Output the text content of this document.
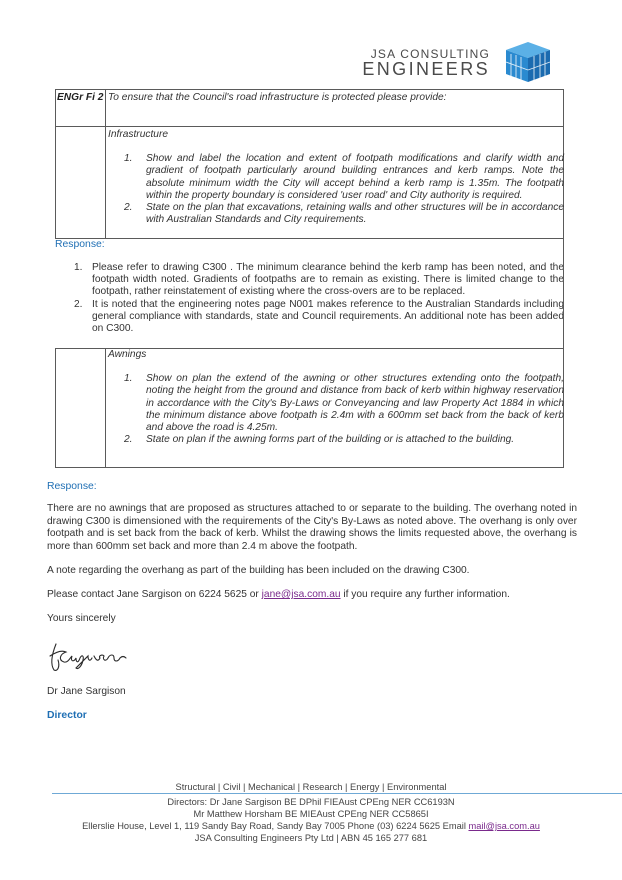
JSA CONSULTING
ENGINEERS
ENGr Fi 2 To ensure that the Council's road infrastructure is protected please provide:
Infrastructure
1. Show and label the location and extent of footpath modifications and clarify width and gradient of footpath particularly around building entrances and kerb ramps. Note the absolute minimum width the City will accept behind a kerb ramp is 1.35m. The footpath within the property boundary is considered 'user road' and City authority is required.
2. State on the plan that excavations, retaining walls and other structures will be in accordance with Australian Standards and City requirements.
Response:
1. Please refer to drawing C300 . The minimum clearance behind the kerb ramp has been noted, and the footpath width noted. Gradients of footpaths are to remain as existing. There is limited change to the footpath, rather reinstatement of existing where the cross-overs are to be replaced.
2. It is noted that the engineering notes page N001 makes reference to the Australian Standards including general compliance with standards, state and Council requirements. An additional note has been added on C300.
Awnings
1. Show on plan the extend of the awning or other structures extending onto the footpath, noting the height from the ground and distance from back of kerb within highway reservation in accordance with the City's By-Laws or Conveyancing and law Property Act 1884 in which the minimum distance above footpath is 2.4m with a 600mm set back from the back of kerb and above the road is 4.25m.
2. State on plan if the awning forms part of the building or is attached to the building.
Response:
There are no awnings that are proposed as structures attached to or separate to the building. The overhang noted in drawing C300 is dimensioned with the requirements of the City's By-Laws as noted above. The overhang is only over footpath and is set back from the back of kerb. Whilst the drawing shows the limits requested above, the overhang is more than 600mm set back and more than 2.4 m above the footpath.
A note regarding the overhang as part of the building has been included on the drawing C300.
Please contact Jane Sargison on 6224 5625 or jane@jsa.com.au if you require any further information.
Yours sincerely
Dr Jane Sargison
Director
Structural | Civil | Mechanical | Research | Energy | Environmental
Directors: Dr Jane Sargison BE DPhil FIEAust CPEng NER CC6193N
Mr Matthew Horsham BE MIEAust CPEng NER CC5865I
Ellerslie House, Level 1, 119 Sandy Bay Road, Sandy Bay 7005 Phone (03) 6224 5625 Email mail@jsa.com.au
JSA Consulting Engineers Pty Ltd | ABN 45 165 277 681
